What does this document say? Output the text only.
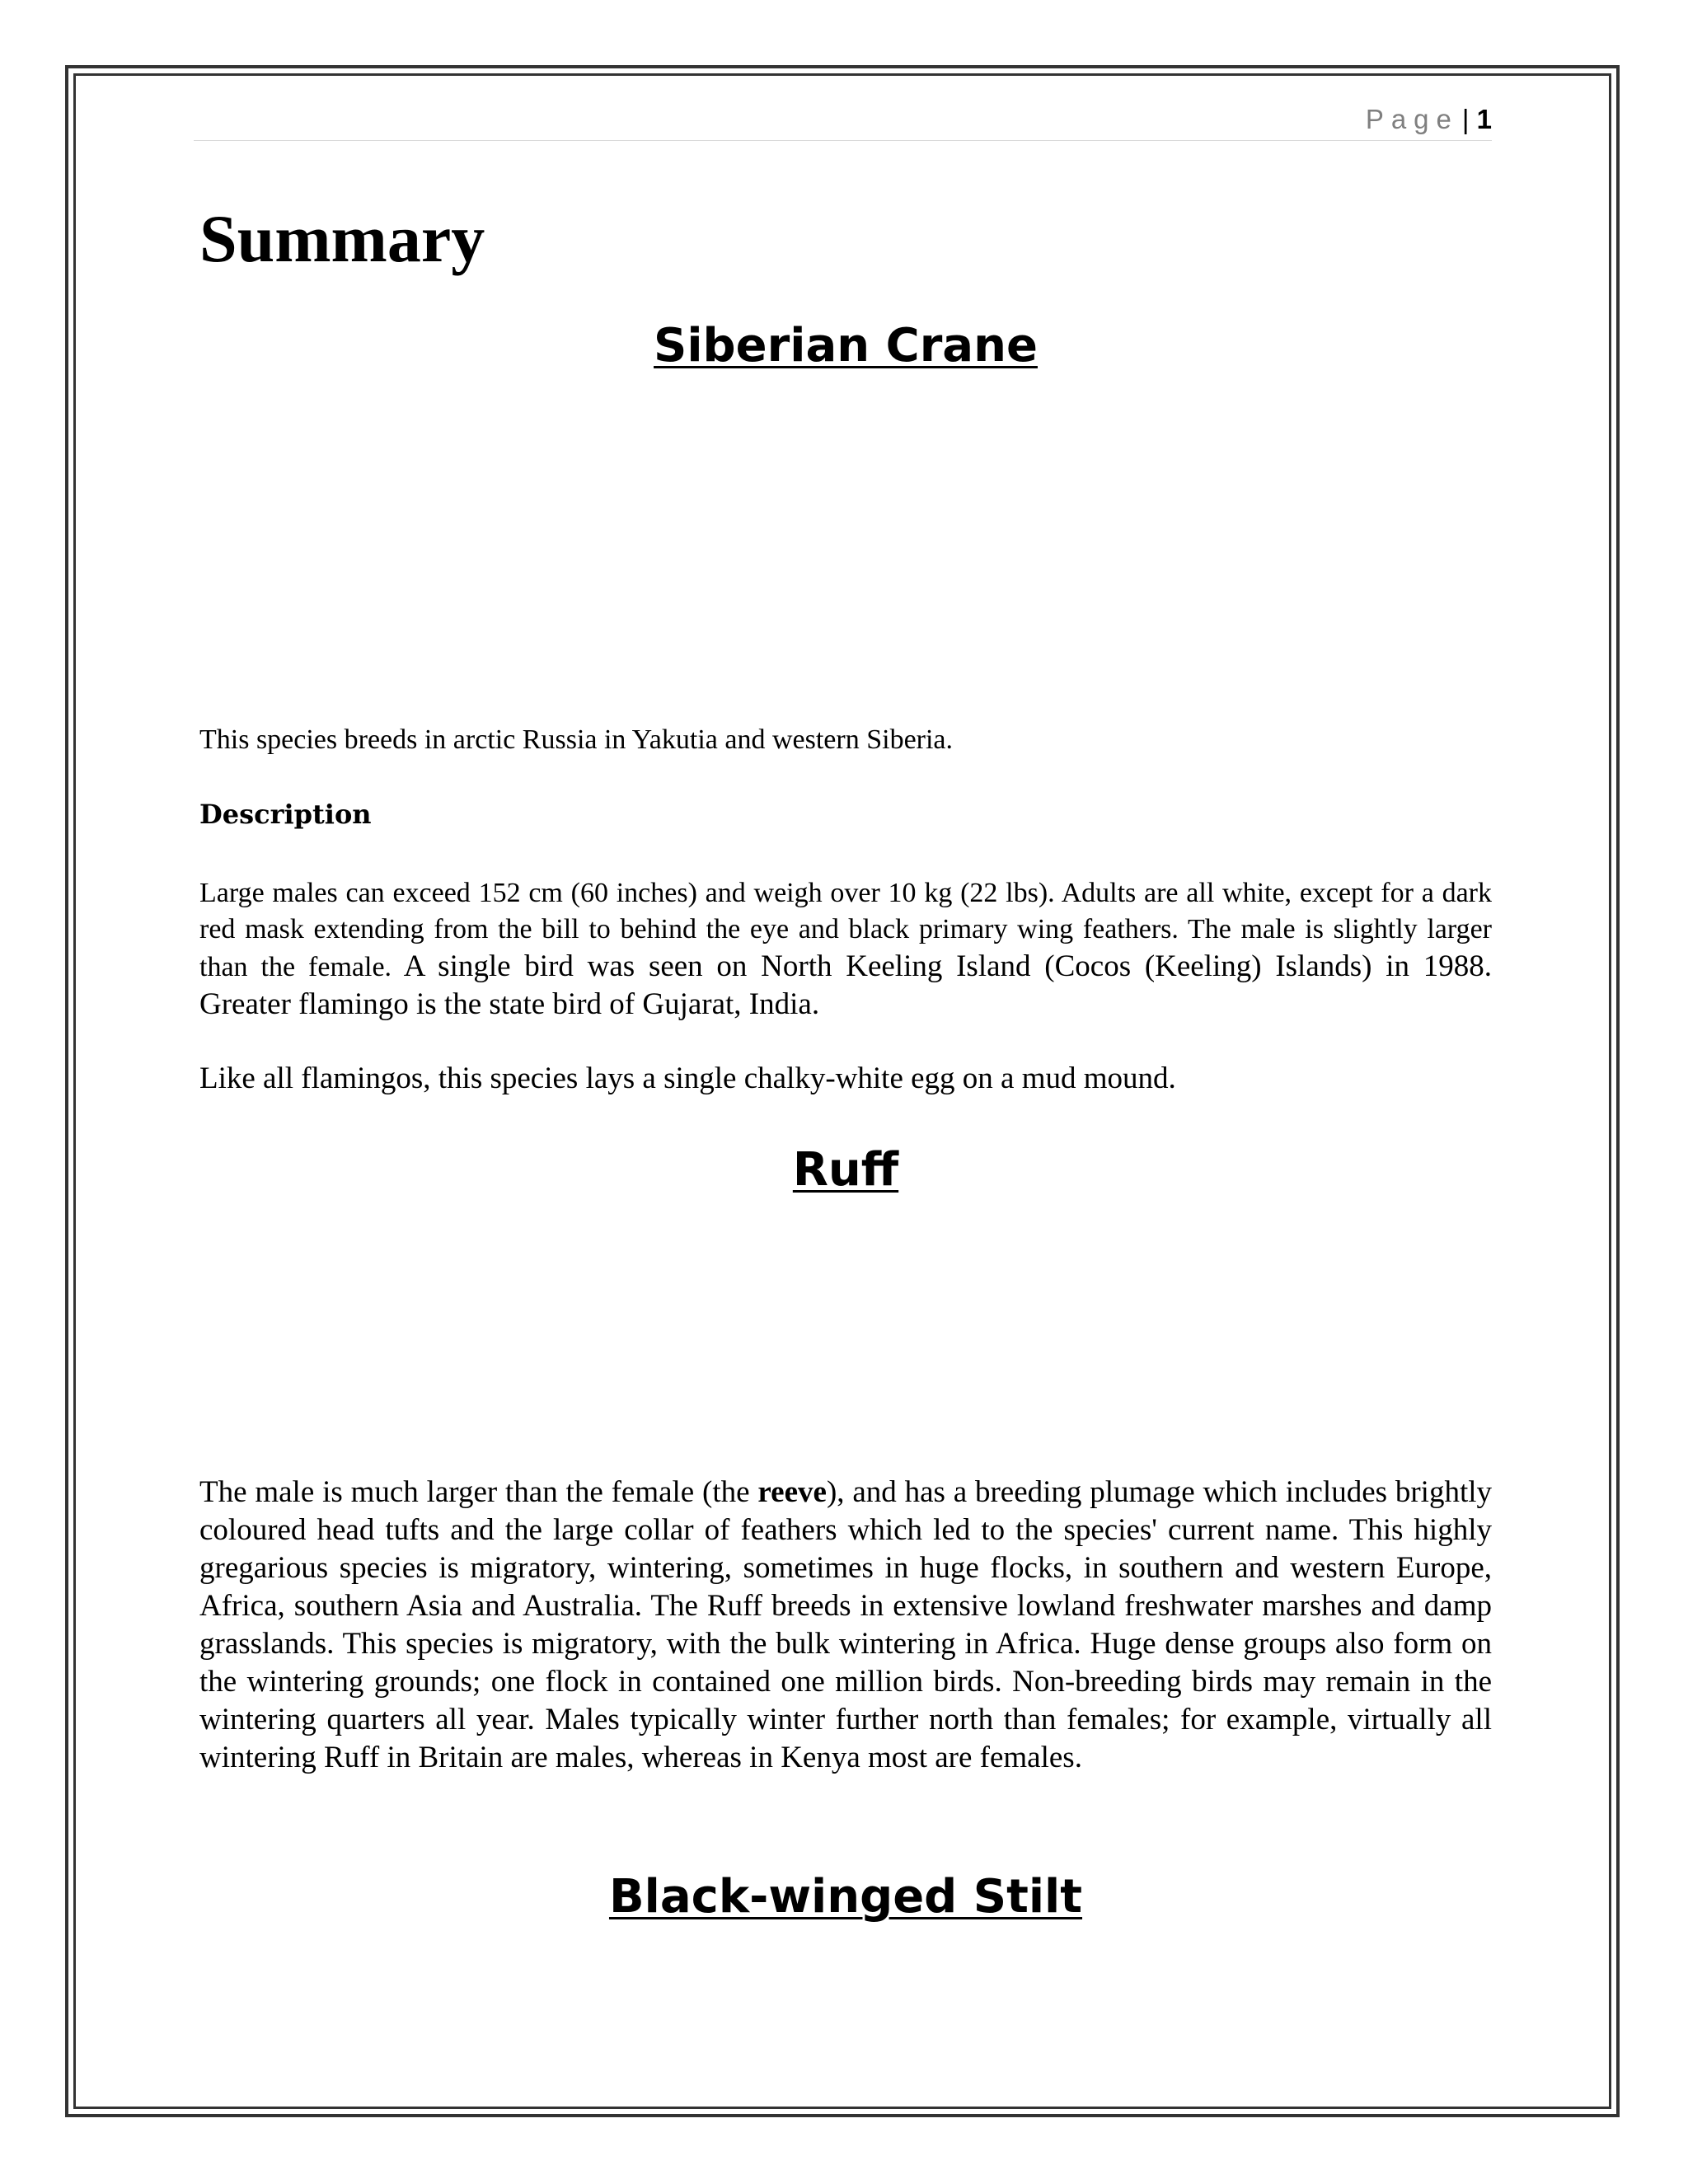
Page | 1
Summary
Siberian Crane

This species breeds in arctic Russia in Yakutia and western Siberia.

Description

Large males can exceed 152 cm (60 inches) and weigh over 10 kg (22 lbs). Adults are all white, except for a dark red mask extending from the bill to behind the eye and black primary wing feathers. The male is slightly larger than the female. A single bird was seen on North Keeling Island (Cocos (Keeling) Islands) in 1988. Greater flamingo is the state bird of Gujarat, India.

Like all flamingos, this species lays a single chalky-white egg on a mud mound.

Ruff

The male is much larger than the female (the reeve), and has a breeding plumage which includes brightly coloured head tufts and the large collar of feathers which led to the species' current name. This highly gregarious species is migratory, wintering, sometimes in huge flocks, in southern and western Europe, Africa, southern Asia and Australia. The Ruff breeds in extensive lowland freshwater marshes and damp grasslands. This species is migratory, with the bulk wintering in Africa. Huge dense groups also form on the wintering grounds; one flock in contained one million birds. Non-breeding birds may remain in the wintering quarters all year. Males typically winter further north than females; for example, virtually all wintering Ruff in Britain are males, whereas in Kenya most are females.

Black-winged Stilt
